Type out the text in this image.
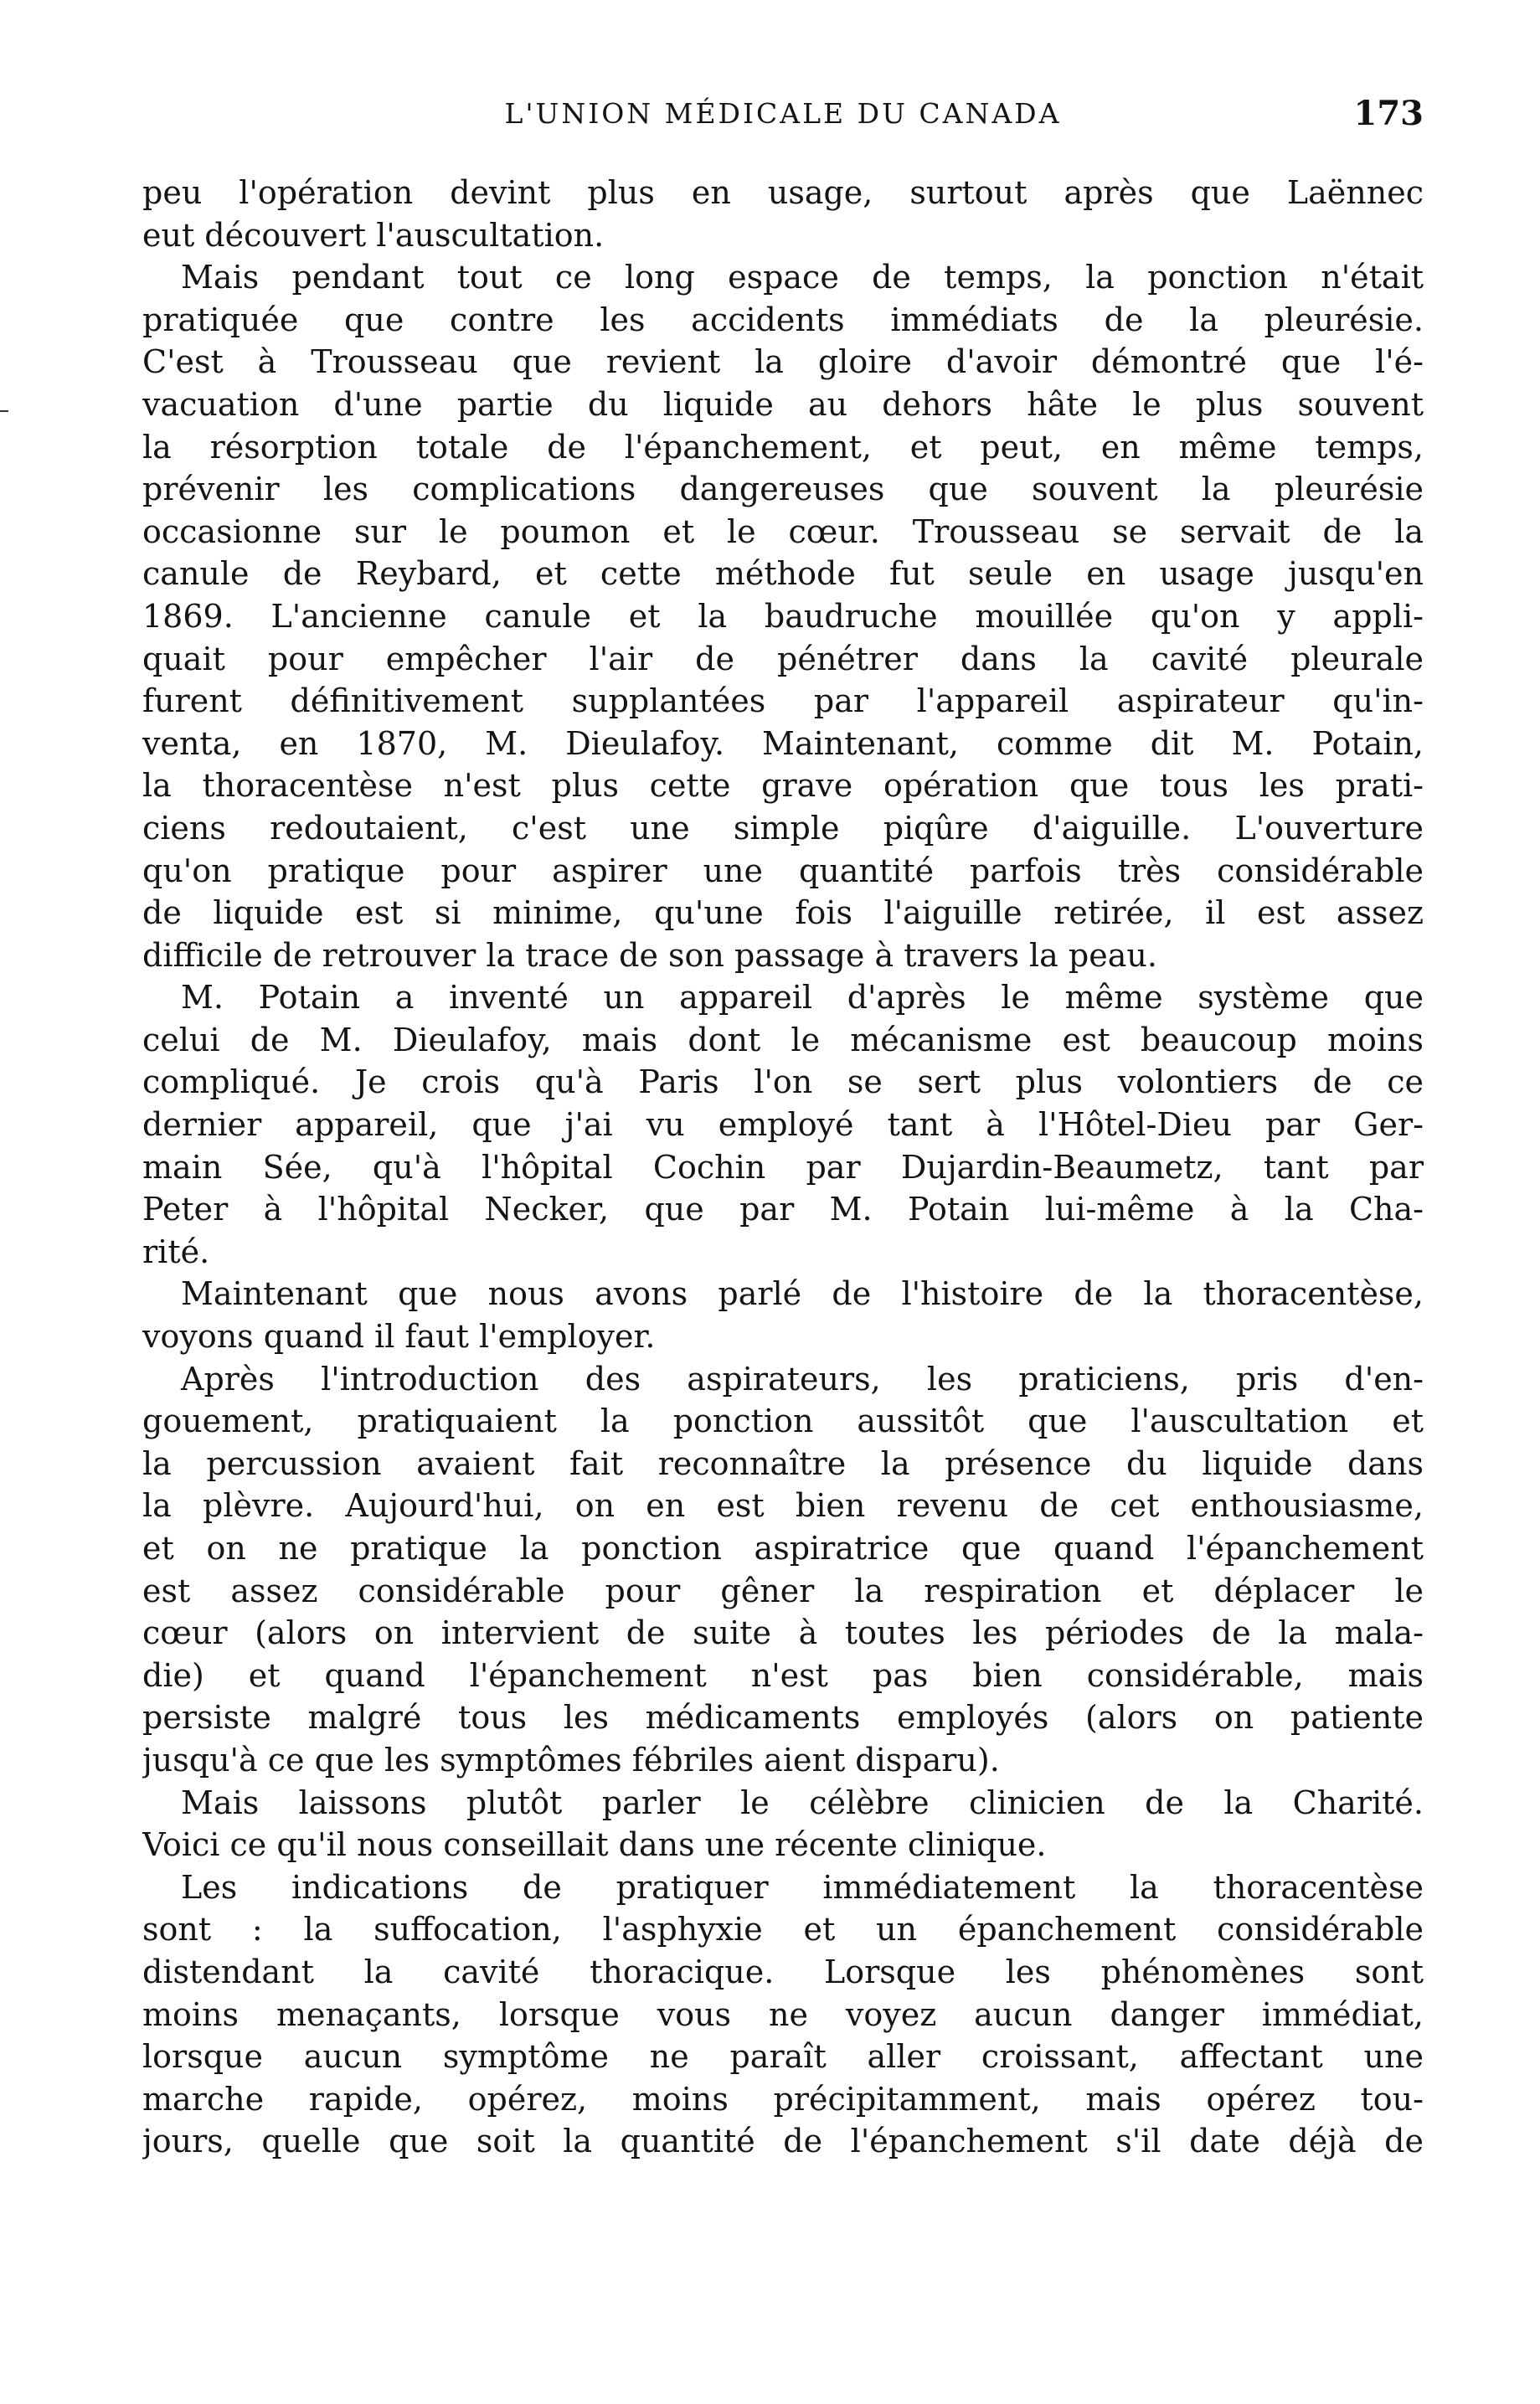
L'UNION MÉDICALE DU CANADA	173
peu l'opération devint plus en usage, surtout après que Laënnec
eut découvert l'auscultation.
Mais pendant tout ce long espace de temps, la ponction n'était
pratiquée que contre les accidents immédiats de la pleurésie.
C'est à Trousseau que revient la gloire d'avoir démontré que l'é-
vacuation d'une partie du liquide au dehors hâte le plus souvent
la résorption totale de l'épanchement, et peut, en même temps,
prévenir les complications dangereuses que souvent la pleurésie
occasionne sur le poumon et le cœur. Trousseau se servait de la
canule de Reybard, et cette méthode fut seule en usage jusqu'en
1869. L'ancienne canule et la baudruche mouillée qu'on y appli-
quait pour empêcher l'air de pénétrer dans la cavité pleurale
furent définitivement supplantées par l'appareil aspirateur qu'in-
venta, en 1870, M. Dieulafoy. Maintenant, comme dit M. Potain,
la thoracentèse n'est plus cette grave opération que tous les prati-
ciens redoutaient, c'est une simple piqûre d'aiguille. L'ouverture
qu'on pratique pour aspirer une quantité parfois très considérable
de liquide est si minime, qu'une fois l'aiguille retirée, il est assez
difficile de retrouver la trace de son passage à travers la peau.
M. Potain a inventé un appareil d'après le même système que
celui de M. Dieulafoy, mais dont le mécanisme est beaucoup moins
compliqué. Je crois qu'à Paris l'on se sert plus volontiers de ce
dernier appareil, que j'ai vu employé tant à l'Hôtel-Dieu par Ger-
main Sée, qu'à l'hôpital Cochin par Dujardin-Beaumetz, tant par
Peter à l'hôpital Necker, que par M. Potain lui-même à la Cha-
rité.
Maintenant que nous avons parlé de l'histoire de la thoracentèse,
voyons quand il faut l'employer.
Après l'introduction des aspirateurs, les praticiens, pris d'en-
gouement, pratiquaient la ponction aussitôt que l'auscultation et
la percussion avaient fait reconnaître la présence du liquide dans
la plèvre. Aujourd'hui, on en est bien revenu de cet enthousiasme,
et on ne pratique la ponction aspiratrice que quand l'épanchement
est assez considérable pour gêner la respiration et déplacer le
cœur (alors on intervient de suite à toutes les périodes de la mala-
die) et quand l'épanchement n'est pas bien considérable, mais
persiste malgré tous les médicaments employés (alors on patiente
jusqu'à ce que les symptômes fébriles aient disparu).
Mais laissons plutôt parler le célèbre clinicien de la Charité.
Voici ce qu'il nous conseillait dans une récente clinique.
Les indications de pratiquer immédiatement la thoracentèse
sont : la suffocation, l'asphyxie et un épanchement considérable
distendant la cavité thoracique. Lorsque les phénomènes sont
moins menaçants, lorsque vous ne voyez aucun danger immédiat,
lorsque aucun symptôme ne paraît aller croissant, affectant une
marche rapide, opérez, moins précipitamment, mais opérez tou-
jours, quelle que soit la quantité de l'épanchement s'il date déjà de
